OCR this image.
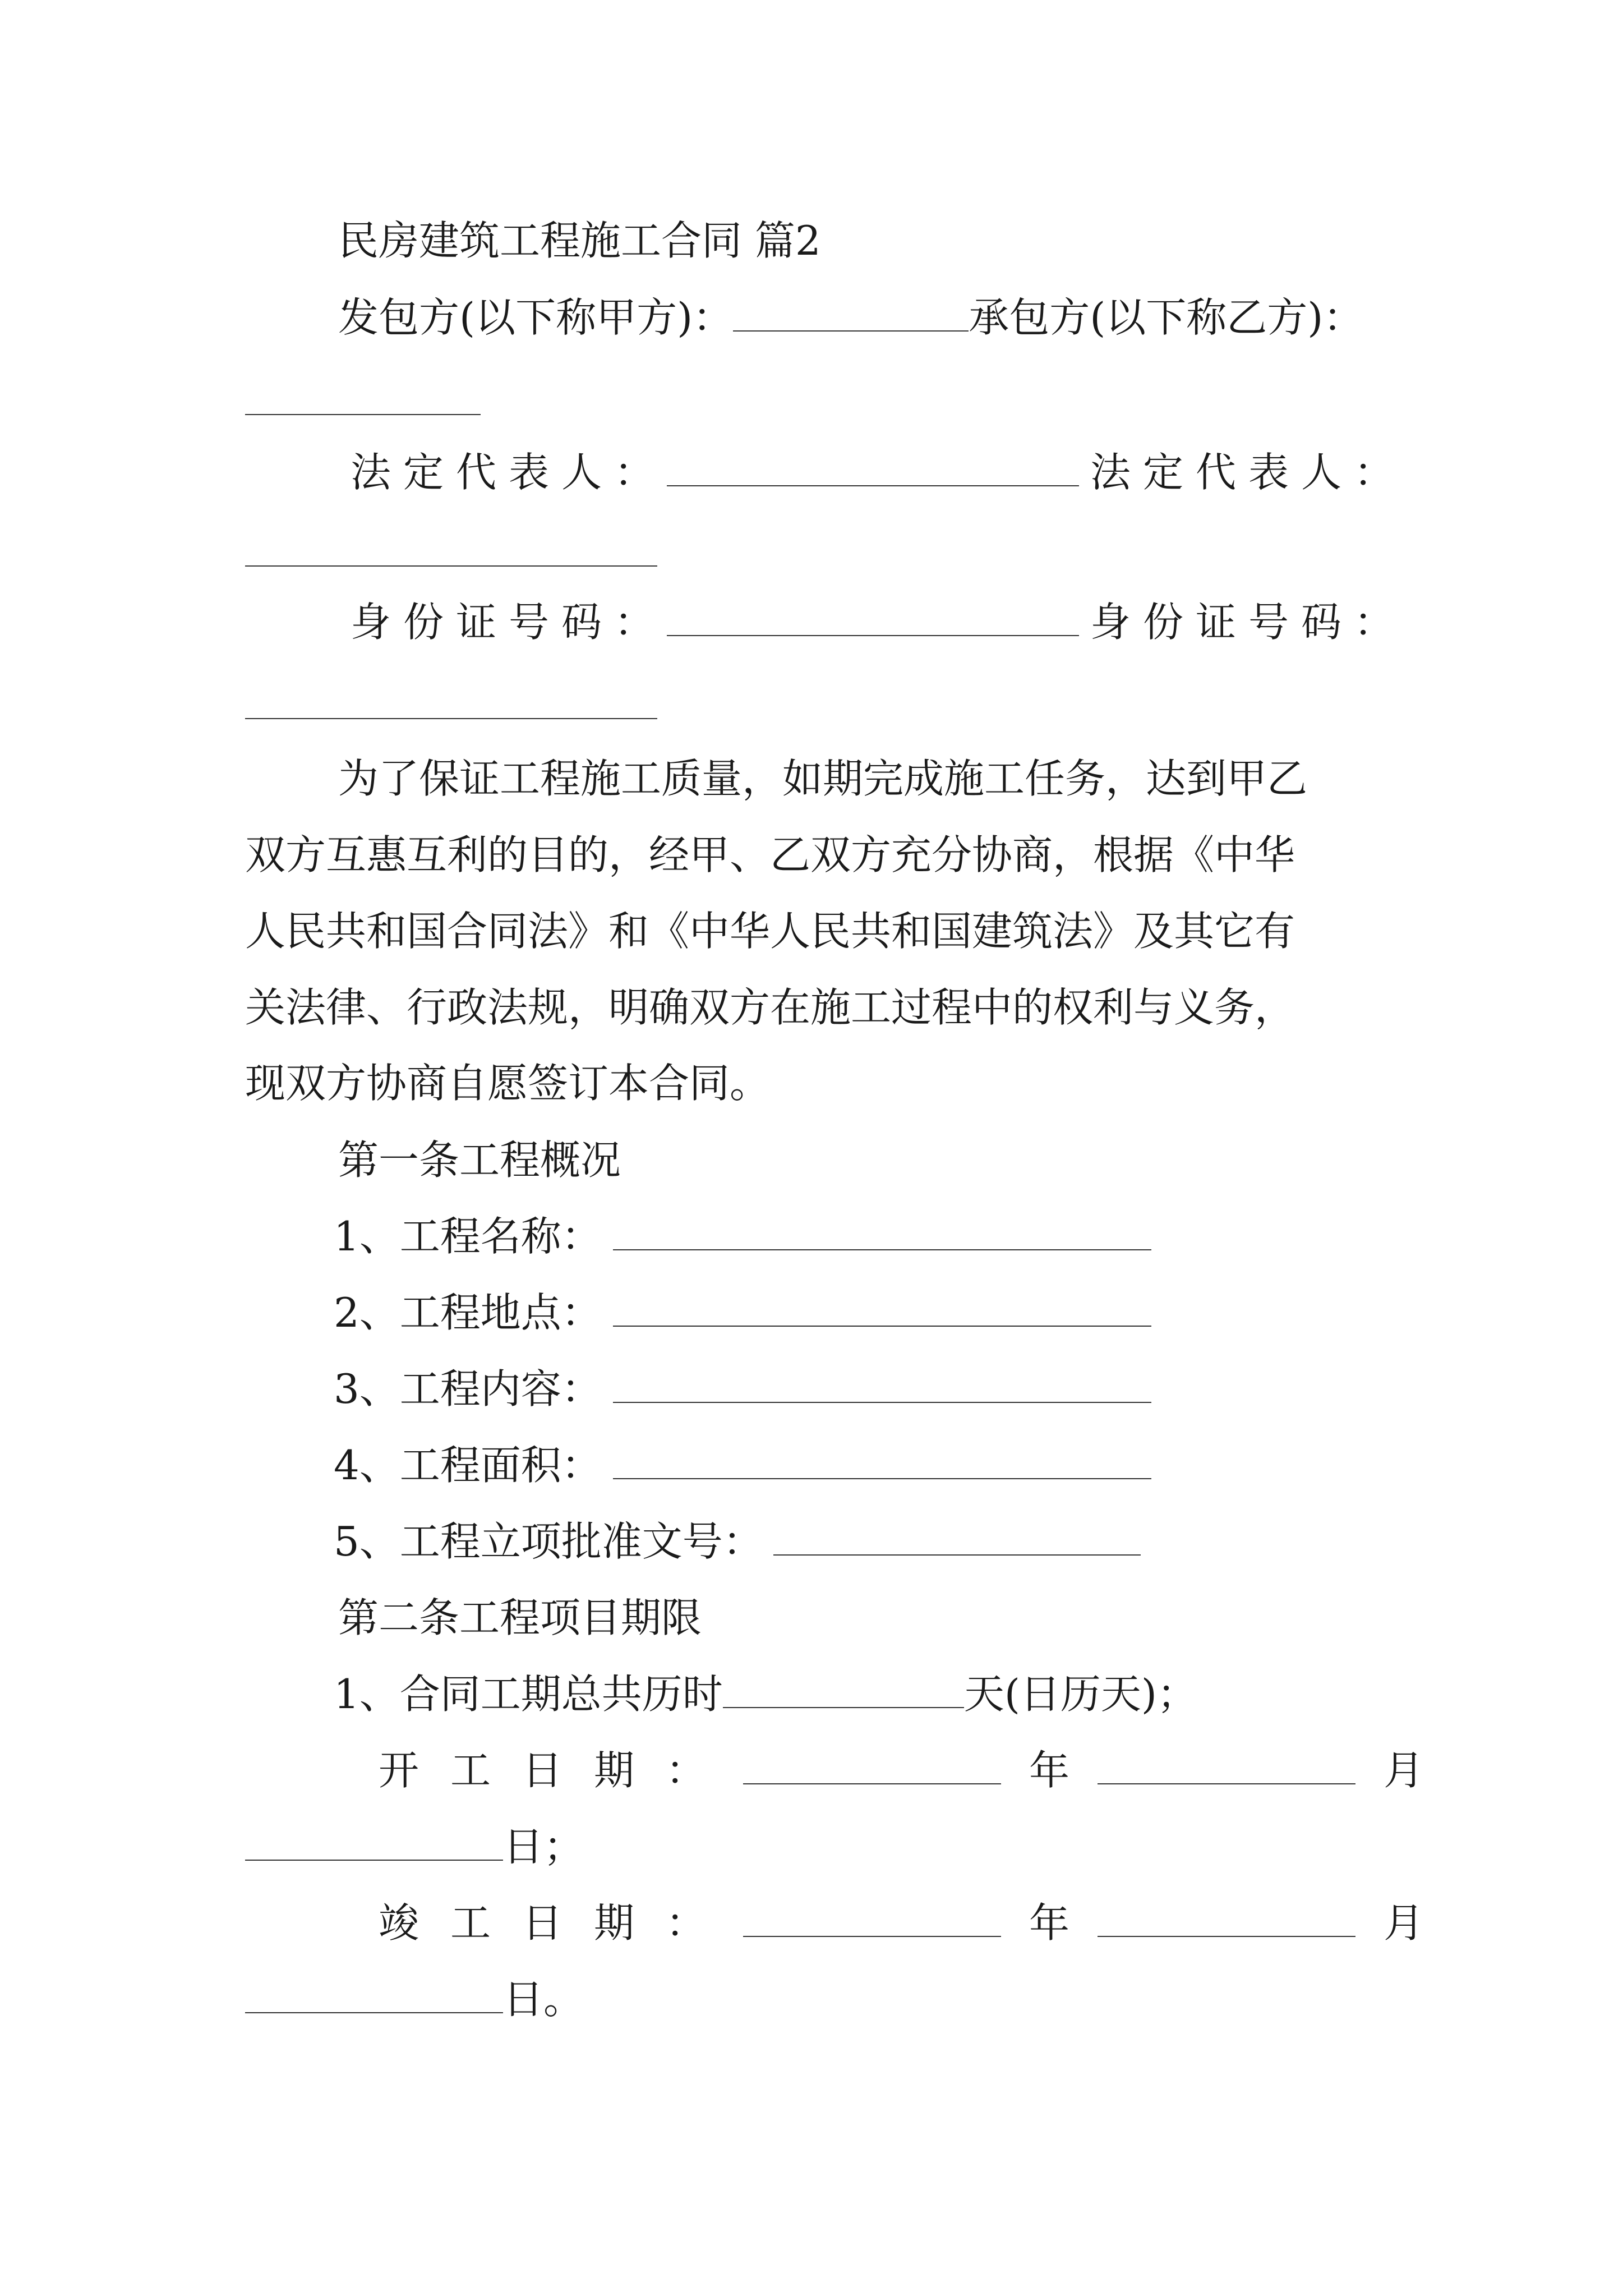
民房建筑工程施工合同 篇2
发包方(以下称甲方)：	承包方(以下称乙方)：
法定代表人：	法定代表人：
身份证号码：	身份证号码：
为了保证工程施工质量，如期完成施工任务，达到甲乙
双方互惠互利的目的，经甲、乙双方充分协商，根据《中华
人民共和国合同法》和《中华人民共和国建筑法》及其它有
关法律、行政法规，明确双方在施工过程中的权利与义务，
现双方协商自愿签订本合同。
第一条工程概况
1、工程名称：
2、工程地点：
3、工程内容：
4、工程面积：
5、工程立项批准文号：
第二条工程项目期限
1、合同工期总共历时	天(日历天)；
开工日期：	年	月
日；
竣工日期：	年	月
日。
